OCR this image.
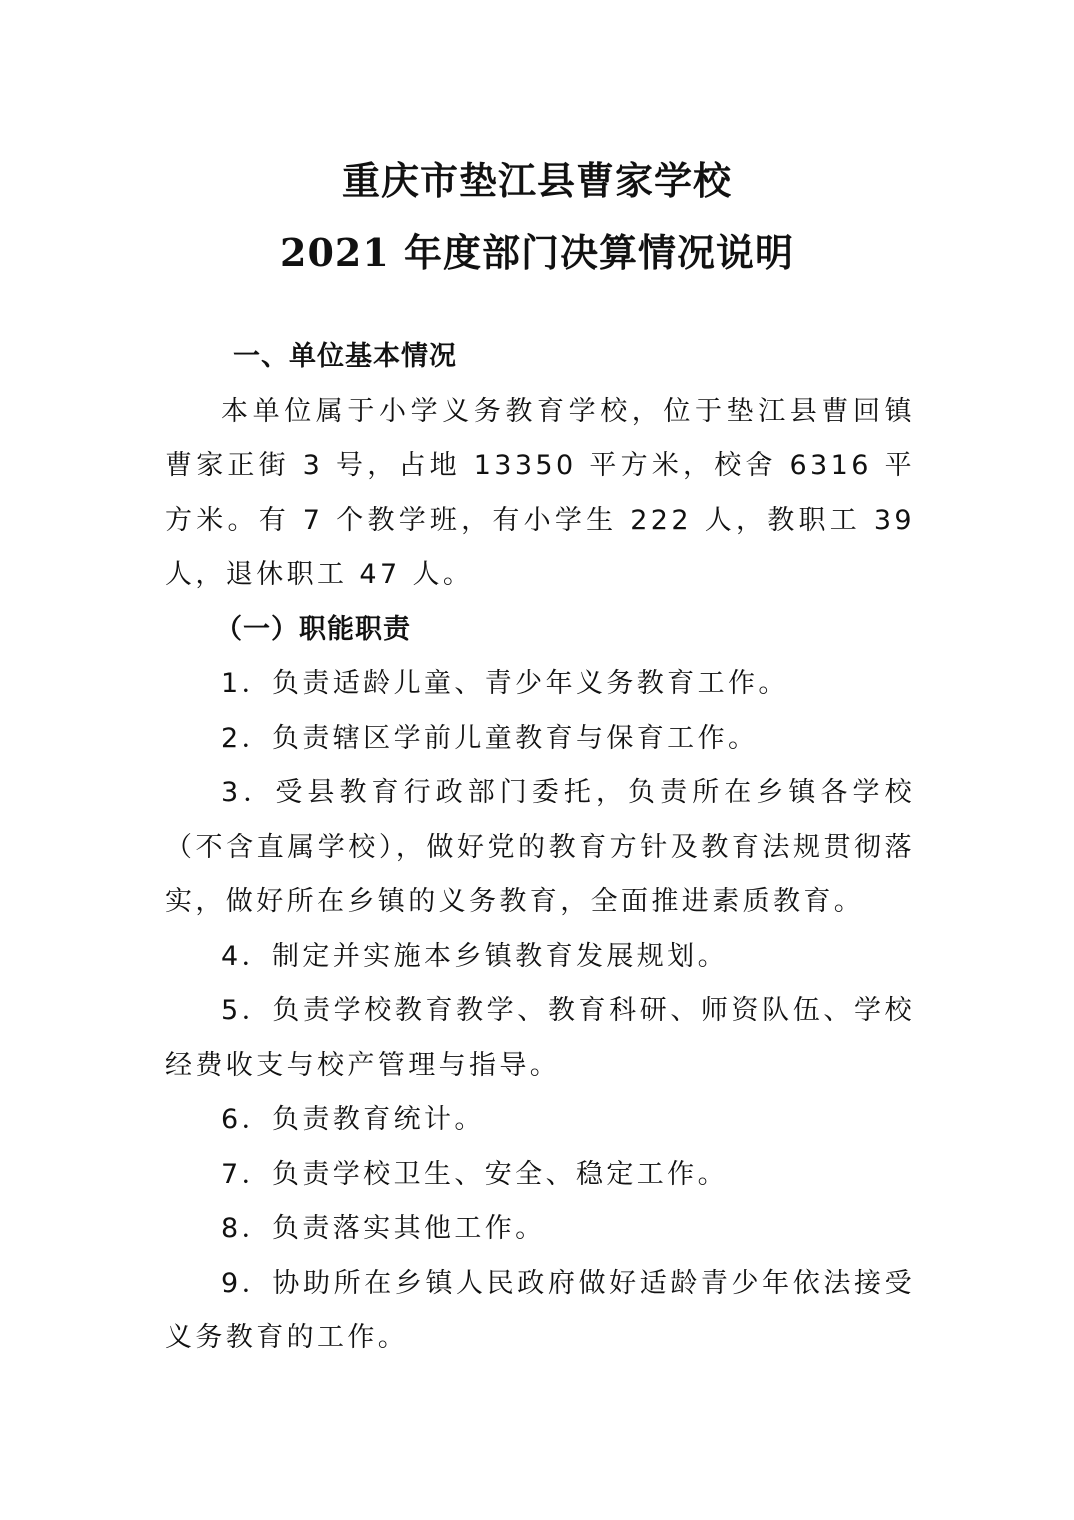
重庆市垫江县曹家学校
2021 年度部门决算情况说明

一、单位基本情况

本单位属于小学义务教育学校，位于垫江县曹回镇曹家正街 3 号，占地 13350 平方米，校舍 6316 平方米。有 7 个教学班，有小学生 222 人，教职工 39 人，退休职工 47 人。

（一）职能职责

1．负责适龄儿童、青少年义务教育工作。

2．负责辖区学前儿童教育与保育工作。

3．受县教育行政部门委托，负责所在乡镇各学校（不含直属学校），做好党的教育方针及教育法规贯彻落实，做好所在乡镇的义务教育，全面推进素质教育。

4．制定并实施本乡镇教育发展规划。

5．负责学校教育教学、教育科研、师资队伍、学校经费收支与校产管理与指导。

6．负责教育统计。

7．负责学校卫生、安全、稳定工作。

8．负责落实其他工作。

9．协助所在乡镇人民政府做好适龄青少年依法接受义务教育的工作。
